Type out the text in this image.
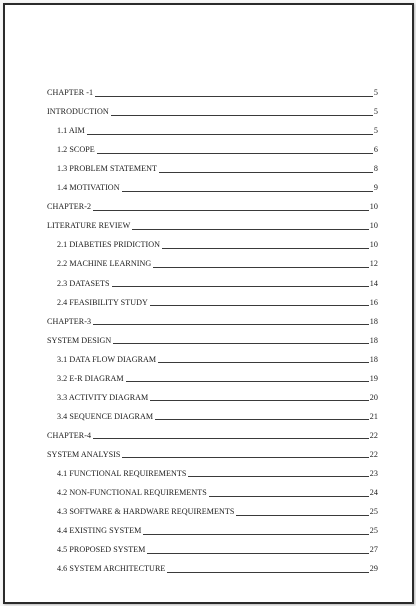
CHAPTER -1	5
INTRODUCTION	5
1.1 AIM	5
1.2 SCOPE	6
1.3 PROBLEM STATEMENT	8
1.4 MOTIVATION	9
CHAPTER-2	10
LITERATURE REVIEW	10
2.1 DIABETIES PRIDICTION	10
2.2 MACHINE LEARNING	12
2.3 DATASETS	14
2.4 FEASIBILITY STUDY	16
CHAPTER-3	18
SYSTEM DESIGN	18
3.1 DATA FLOW DIAGRAM	18
3.2 E-R DIAGRAM	19
3.3 ACTIVITY DIAGRAM	20
3.4 SEQUENCE DIAGRAM	21
CHAPTER-4	22
SYSTEM ANALYSIS	22
4.1 FUNCTIONAL REQUIREMENTS	23
4.2 NON-FUNCTIONAL REQUIREMENTS	24
4.3 SOFTWARE & HARDWARE REQUIREMENTS	25
4.4 EXISTING SYSTEM	25
4.5 PROPOSED SYSTEM	27
4.6 SYSTEM ARCHITECTURE	29
